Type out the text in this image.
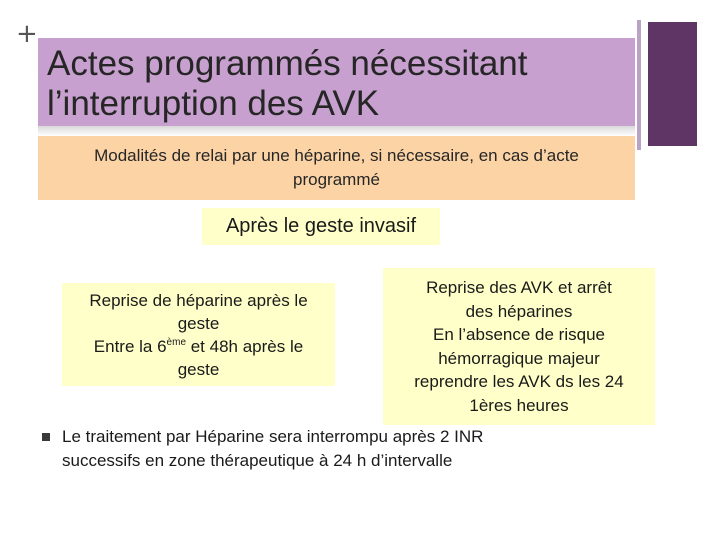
+
Actes programmés nécessitant
l’interruption des AVK
Modalités de relai par une héparine, si nécessaire, en cas d’acte
programmé
Après le geste invasif
Reprise de héparine après le
geste
Entre la 6ème et 48h après le
geste
Reprise des AVK et arrêt
des héparines
En l’absence de risque
hémorragique majeur
reprendre les AVK ds les 24
1ères heures
Le traitement par Héparine sera interrompu après 2 INR
successifs en zone thérapeutique à 24 h d’intervalle
